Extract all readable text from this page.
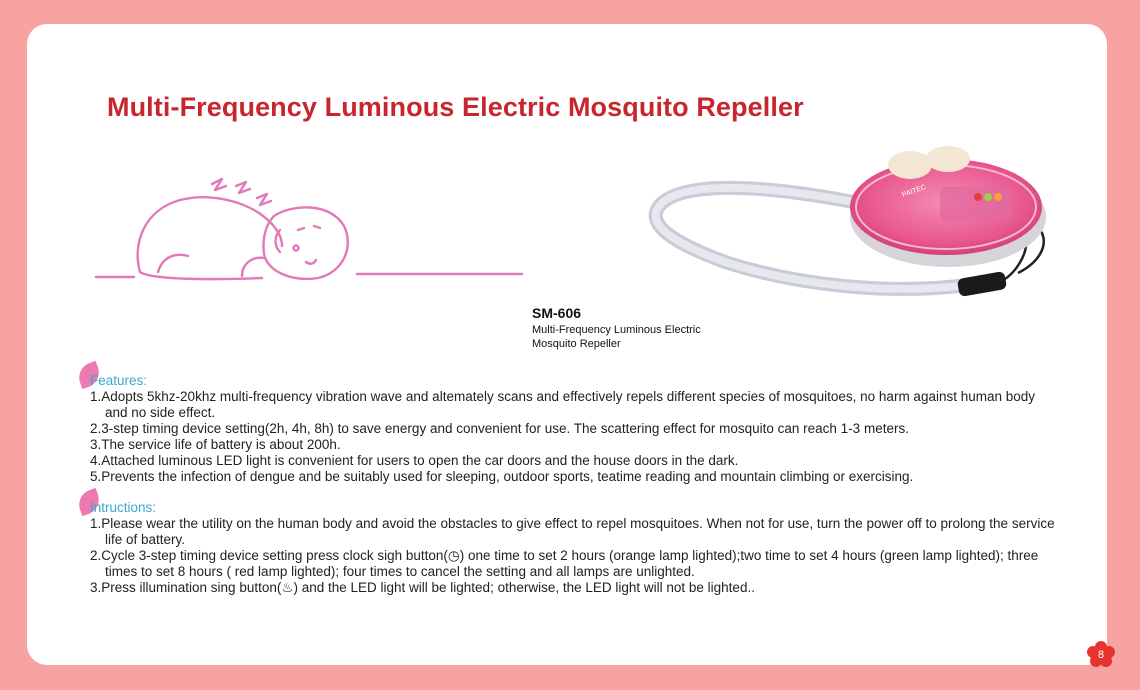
Multi-Frequency Luminous Electric Mosquito Repeller
PAITEC
SM-606
Multi-Frequency Luminous Electric Mosquito Repeller
Features:
1.Adopts 5khz-20khz multi-frequency vibration wave and altemately scans and effectively repels different species of mosquitoes, no harm against human body and no side effect.
2.3-step timing device setting(2h, 4h, 8h) to save energy and convenient for use. The scattering effect for mosquito can reach 1-3 meters.
3.The service life of battery is about 200h.
4.Attached luminous LED light is convenient for users to open the car doors and the house doors in the dark.
5.Prevents the infection of dengue and be suitably used for sleeping, outdoor sports, teatime reading and mountain climbing or exercising.
Intructions:
1.Please wear the utility on the human body and avoid the obstacles to give effect to repel mosquitoes. When not for use, turn the power off to prolong the service life of battery.
2.Cycle 3-step timing device setting press clock sigh button(◷) one time to set 2 hours (orange lamp lighted);two time to set 4 hours (green lamp lighted); three times to set 8 hours ( red lamp lighted); four times to cancel the setting and all lamps are unlighted.
3.Press illumination sing button(♨) and the LED light will be lighted; otherwise, the LED light will not be lighted..
8
